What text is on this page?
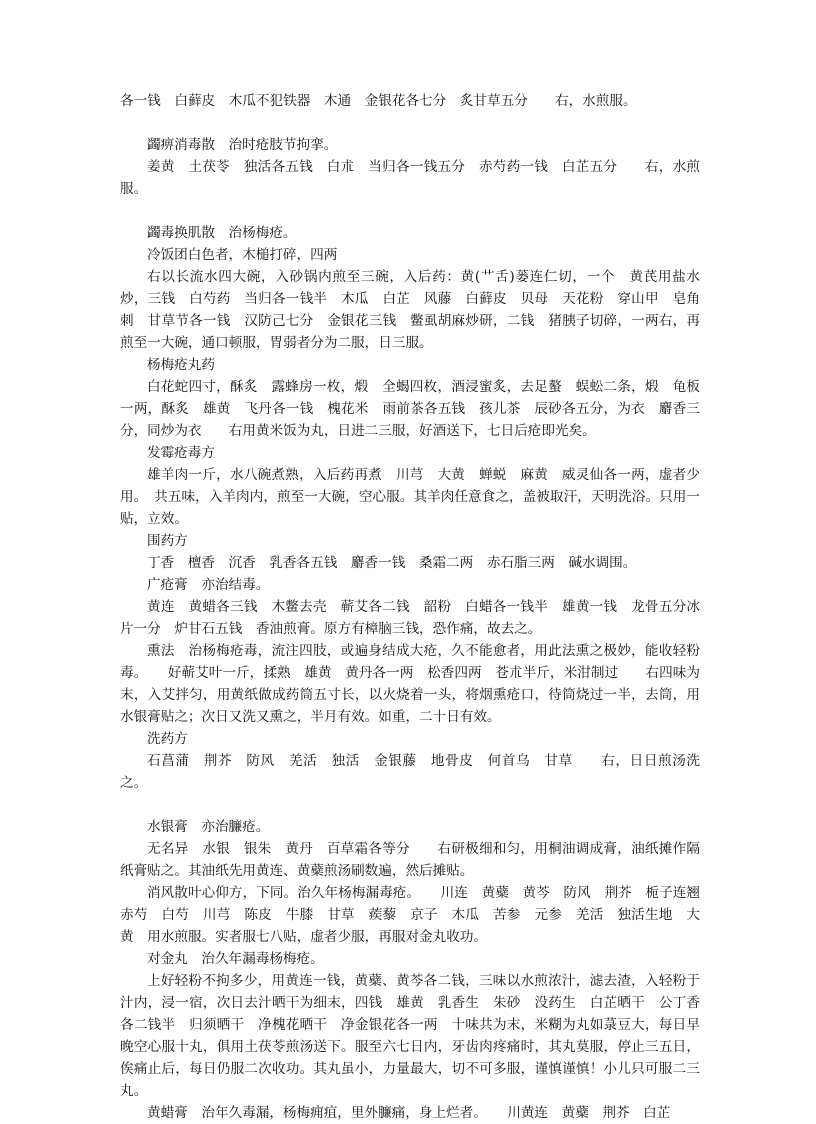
各一钱　白藓皮　木瓜不犯铁器　木通　金银花各七分　炙甘草五分　　右，水煎服。

蠲痹消毒散　治时疮肢节拘挛。

姜黄　土茯苓　独活各五钱　白朮　当归各一钱五分　赤芍药一钱　白芷五分　　右，水煎服。

蠲毒换肌散　治杨梅疮。

冷饭团白色者，木槌打碎，四两

右以长流水四大碗，入砂锅内煎至三碗，入后药：黄(艹舌)蒌连仁切，一个　黄芪用盐水炒，三钱　白芍药　当归各一钱半　木瓜　白芷　风藤　白藓皮　贝母　天花粉　穿山甲　皂角刺　甘草节各一钱　汉防己七分　金银花三钱　鳖虱胡麻炒研，二钱　猪胰子切碎，一两右，再煎至一大碗，通口顿服，胃弱者分为二服，日三服。

杨梅疮丸药

白花蛇四寸，酥炙　露蜂房一枚，煅　全蝎四枚，酒浸蜜炙，去足螯　蜈蚣二条，煅　龟板一两，酥炙　雄黄　飞丹各一钱　槐花米　雨前茶各五钱　孩儿茶　辰砂各五分，为衣　麝香三分，同炒为衣　　右用黄米饭为丸，日进二三服，好酒送下，七日后疮即光矣。

发霉疮毒方

雄羊肉一斤，水八碗煮熟，入后药再煮　川芎　大黄　蝉蜕　麻黄　威灵仙各一两，虚者少用。　共五味，入羊肉内，煎至一大碗，空心服。其羊肉任意食之，盖被取汗，天明洗浴。只用一贴，立效。

围药方

丁香　檀香　沉香　乳香各五钱　麝香一钱　桑霜二两　赤石脂三两　碱水调围。

广疮膏　亦治结毒。

黄连　黄蜡各三钱　木鳖去壳　蕲艾各二钱　韶粉　白蜡各一钱半　雄黄一钱　龙骨五分冰片一分　炉甘石五钱　香油煎膏。原方有樟脑三钱，恐作痛，故去之。

熏法　治杨梅疮毒，流注四肢，或遍身结成大疮，久不能愈者，用此法熏之极妙，能收轻粉毒。　　好蕲艾叶一斤，揉熟　雄黄　黄丹各一两　松香四两　苍朮半斤，米泔制过　　右四味为末，入艾拌匀，用黄纸做成药筒五寸长，以火烧着一头，将烟熏疮口，待筒烧过一半，去筒，用水银膏贴之；次日又洗又熏之，半月有效。如重，二十日有效。

洗药方

石菖蒲　荆芥　防风　羌活　独活　金银藤　地骨皮　何首乌　甘草　　右，日日煎汤洗之。

水银膏　亦治臁疮。

无名异　水银　银朱　黄丹　百草霜各等分　　右研极细和匀，用桐油调成膏，油纸摊作隔纸膏贴之。其油纸先用黄连、黄蘗煎汤刷数遍，然后摊贴。

消风散叶心仰方，下同。治久年杨梅漏毒疮。　　川连　黄蘗　黄芩　防风　荆芥　栀子连翘　赤芍　白芍　川芎　陈皮　牛膝　甘草　蒺藜　京子　木瓜　苦参　元参　羌活　独活生地　大黄　用水煎服。实者服七八贴，虚者少服，再服对金丸收功。

对金丸　治久年漏毒杨梅疮。

上好轻粉不拘多少，用黄连一钱，黄蘗、黄芩各二钱，三味以水煎浓汁，滤去渣，入轻粉于汁内，浸一宿，次日去汁晒干为细末，四钱　雄黄　乳香生　朱砂　没药生　白芷晒干　公丁香各二钱半　归须晒干　净槐花晒干　净金银花各一两　十味共为末，米糊为丸如菉豆大，每日早晚空心服十丸，俱用土茯苓煎汤送下。服至六七日内，牙齿肉疼痛时，其丸莫服，停止三五日，俟痛止后，每日仍服二次收功。其丸虽小，力量最大，切不可多服，谨慎谨慎！小儿只可服二三丸。

黄蜡膏　治年久毒漏，杨梅痈疽，里外臁痛，身上烂者。　　川黄连　黄蘗　荆芥　白芷
